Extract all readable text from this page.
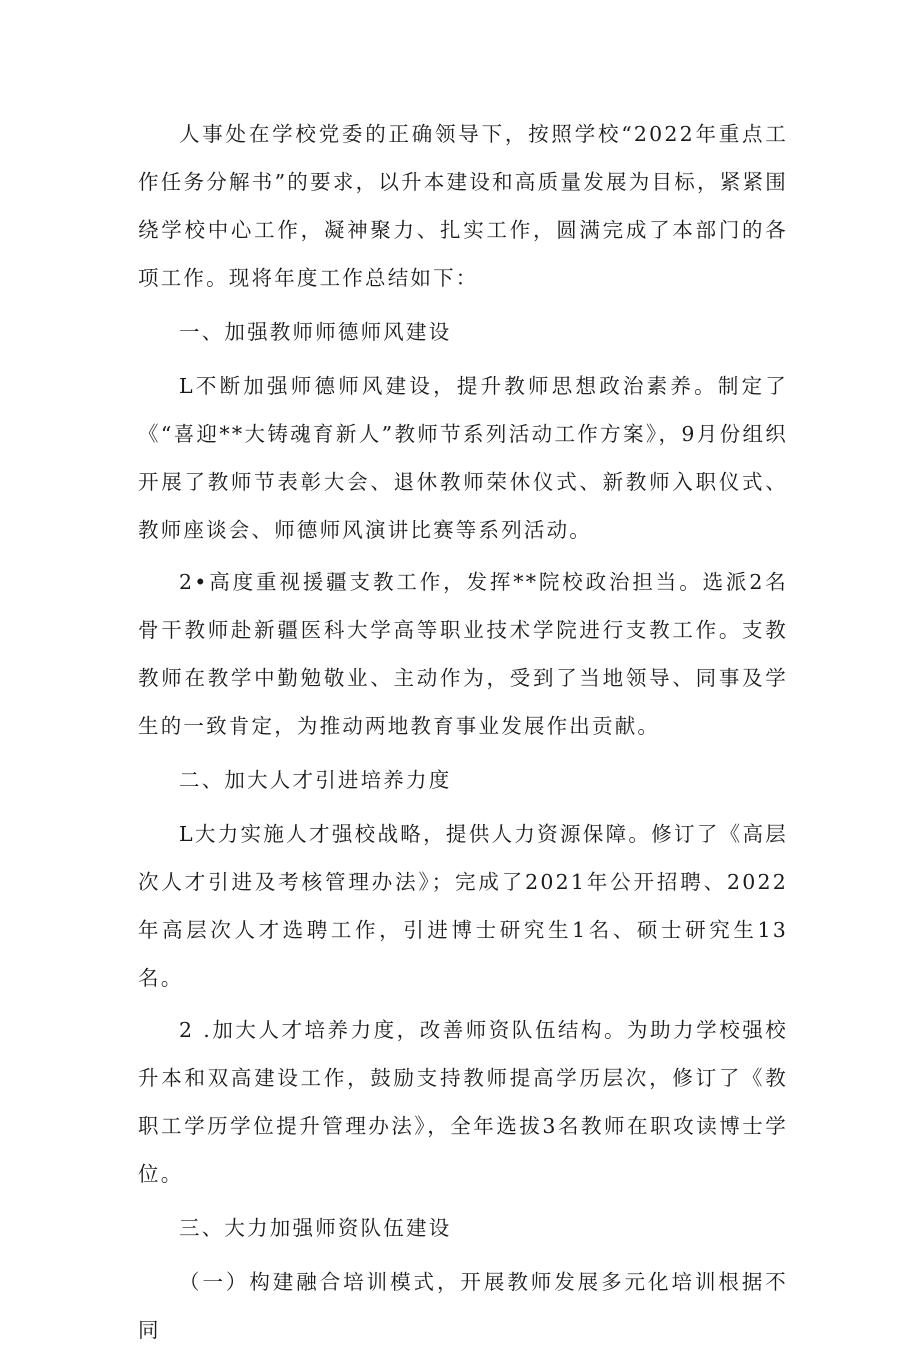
人事处在学校党委的正确领导下，按照学校“2022年重点工作任务分解书”的要求，以升本建设和高质量发展为目标，紧紧围绕学校中心工作，凝神聚力、扎实工作，圆满完成了本部门的各项工作。现将年度工作总结如下：

一、加强教师师德师风建设

L不断加强师德师风建设，提升教师思想政治素养。制定了《“喜迎**大铸魂育新人”教师节系列活动工作方案》，9月份组织开展了教师节表彰大会、退休教师荣休仪式、新教师入职仪式、教师座谈会、师德师风演讲比赛等系列活动。

2•高度重视援疆支教工作，发挥**院校政治担当。选派2名骨干教师赴新疆医科大学高等职业技术学院进行支教工作。支教教师在教学中勤勉敬业、主动作为，受到了当地领导、同事及学生的一致肯定，为推动两地教育事业发展作出贡献。

二、加大人才引进培养力度

L大力实施人才强校战略，提供人力资源保障。修订了《高层次人才引进及考核管理办法》；完成了2021年公开招聘、2022年高层次人才选聘工作，引进博士研究生1名、硕士研究生13名。

2 .加大人才培养力度，改善师资队伍结构。为助力学校强校升本和双高建设工作，鼓励支持教师提高学历层次，修订了《教职工学历学位提升管理办法》，全年选拔3名教师在职攻读博士学位。

三、大力加强师资队伍建设

（一）构建融合培训模式，开展教师发展多元化培训根据不同
